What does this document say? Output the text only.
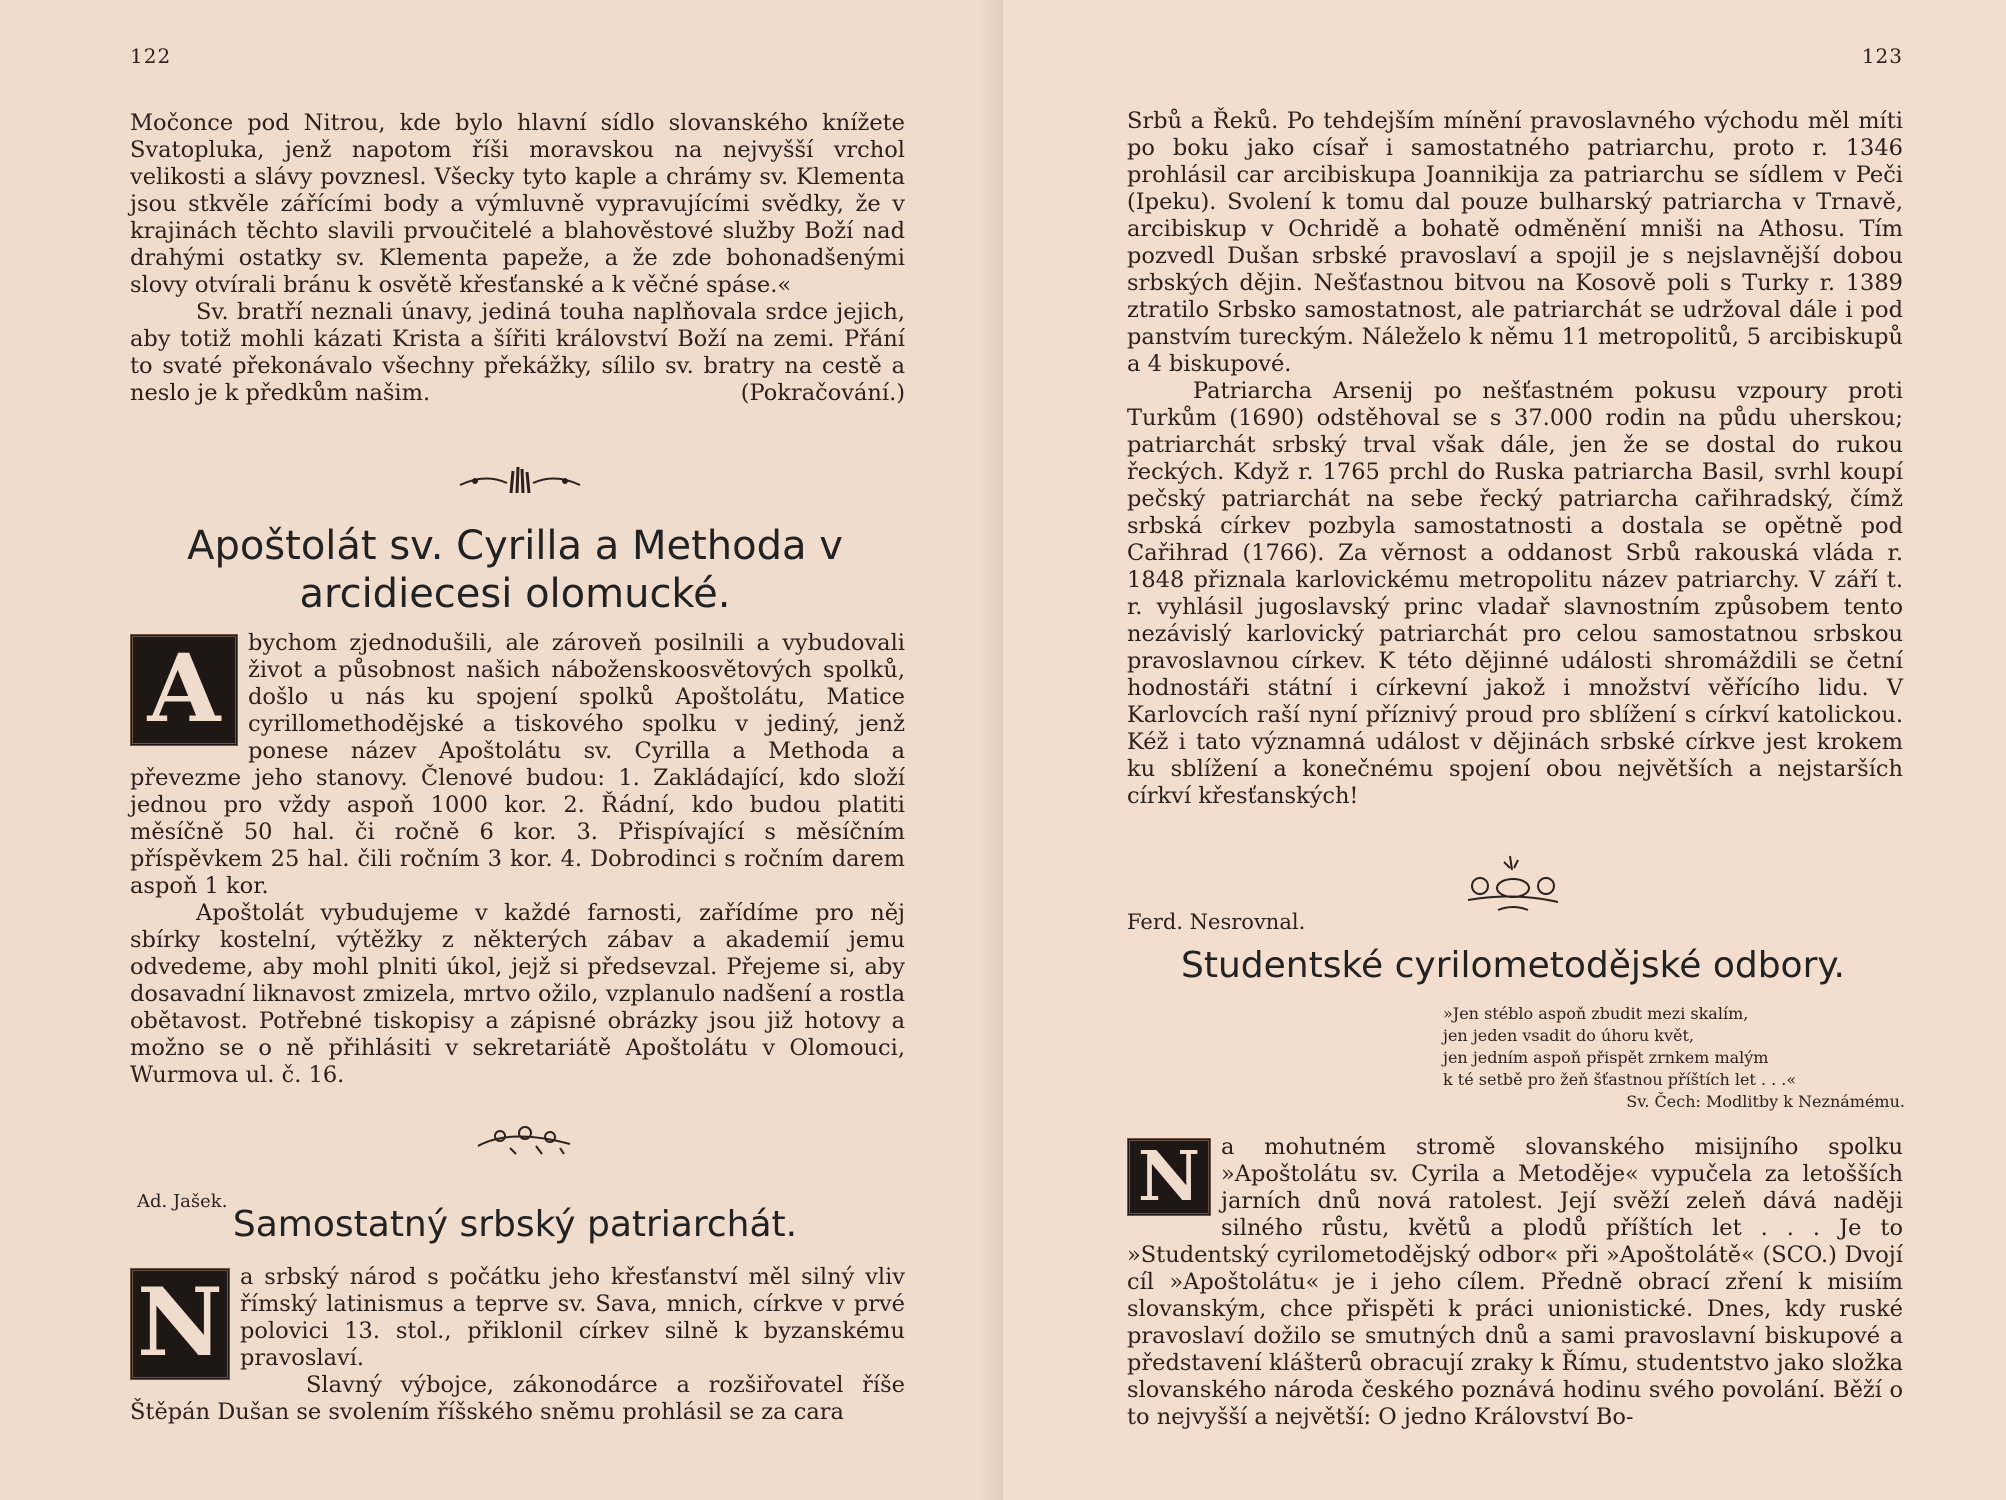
122

Močonce pod Nitrou, kde bylo hlavní sídlo slovanského knížete Svatopluka, jenž napotom říši moravskou na nejvyšší vrchol velikosti a slávy povznesl. Všecky tyto kaple a chrámy sv. Klementa jsou stkvěle zářícími body a výmluvně vypravujícími svědky, že v krajinách těchto slavili prvoučitelé a blahověstové služby Boží nad drahými ostatky sv. Klementa papeže, a že zde bohonadšenými slovy otvírali bránu k osvětě křesťanské a k věčné spáse.«

Sv. bratří neznali únavy, jediná touha naplňovala srdce jejich, aby totiž mohli kázati Krista a šířiti království Boží na zemi. Přání to svaté překonávalo všechny překážky, sílilo sv. bratry na cestě a neslo je k předkům našim.	(Pokračování.)

Apoštolát sv. Cyrilla a Methoda v arcidiecesi olomucké.
A	bychom zjednodušili, ale zároveň posilnili a vybudovali život a působnost našich náboženskoosvětových spolků, došlo u nás ku spojení spolků Apoštolátu, Matice cyrillomethodějské a tiskového spolku v jediný, jenž ponese název Apoštolátu sv. Cyrilla a Methoda a převezme jeho stanovy. Členové budou: 1. Zakládající, kdo složí jednou pro vždy aspoň 1000 kor. 2. Řádní, kdo budou platiti měsíčně 50 hal. či ročně 6 kor. 3. Přispívající s měsíčním příspěvkem 25 hal. čili ročním 3 kor. 4. Dobrodinci s ročním darem aspoň 1 kor.

Apoštolát vybudujeme v každé farnosti, zařídíme pro něj sbírky kostelní, výtěžky z některých zábav a akademií jemu odvedeme, aby mohl plniti úkol, jejž si předsevzal. Přejeme si, aby dosavadní liknavost zmizela, mrtvo ožilo, vzplanulo nadšení a rostla obětavost. Potřebné tiskopisy a zápisné obrázky jsou již hotovy a možno se o ně přihlásiti v sekretariátě Apoštolátu v Olomouci, Wurmova ul. č. 16.

Ad. Jašek.
Samostatný srbský patriarchát.
N a srbský národ s počátku jeho křesťanství měl silný vliv římský latinismus a teprve sv. Sava, mnich, církve v prvé polovici 13. stol., přiklonil církev silně k byzanskému pravoslaví.

Slavný výbojce, zákonodárce a rozšiřovatel říše Štěpán Dušan se svolením říšského sněmu prohlásil se za cara

123

Srbů a Řeků. Po tehdejším mínění pravoslavného východu měl míti po boku jako císař i samostatného patriarchu, proto r. 1346 prohlásil car arcibiskupa Joannikija za patriarchu se sídlem v Peči (Ipeku). Svolení k tomu dal pouze bulharský patriarcha v Trnavě, arcibiskup v Ochridě a bohatě odměnění mniši na Athosu. Tím pozvedl Dušan srbské pravoslaví a spojil je s nejslavnější dobou srbských dějin. Nešťastnou bitvou na Kosově poli s Turky r. 1389 ztratilo Srbsko samostatnost, ale patriarchát se udržoval dále i pod panstvím tureckým. Náleželo k němu 11 metropolitů, 5 arcibiskupů a 4 biskupové.

Patriarcha Arsenij po nešťastném pokusu vzpoury proti Turkům (1690) odstěhoval se s 37.000 rodin na půdu uherskou; patriarchát srbský trval však dále, jen že se dostal do rukou řeckých. Když r. 1765 prchl do Ruska patriarcha Basil, svrhl koupí pečský patriarchát na sebe řecký patriarcha cařihradský, čímž srbská církev pozbyla samostatnosti a dostala se opětně pod Cařihrad (1766). Za věrnost a oddanost Srbů rakouská vláda r. 1848 přiznala karlovickému metropolitu název patriarchy. V září t. r. vyhlásil jugoslavský princ vladař slavnostním způsobem tento nezávislý karlovický patriarchát pro celou samostatnou srbskou pravoslavnou církev. K této dějinné události shromáždili se četní hodnostáři státní i církevní jakož i množství věřícího lidu. V Karlovcích raší nyní příznivý proud pro sblížení s církví katolickou. Kéž i tato významná událost v dějinách srbské církve jest krokem ku sblížení a konečnému spojení obou největších a nejstarších církví křesťanských!

Ferd. Nesrovnal.
Studentské cyrilometodějské odbory.
»Jen stéblo aspoň zbudit mezi skalím,
jen jeden vsadit do úhoru květ,
jen jedním aspoň přispět zrnkem malým
k té setbě pro žeň šťastnou příštích let . . .«
Sv. Čech: Modlitby k Neznámému.
N a mohutném stromě slovanského misijního spolku »Apoštolátu sv. Cyrila a Metoděje« vypučela za letošších jarních dnů nová ratolest. Její svěží zeleň dává naději silného růstu, květů a plodů příštích let . . . Je to »Studentský cyrilometodějský odbor« při »Apoštolátě« (SCO.) Dvojí cíl »Apoštolátu« je i jeho cílem. Předně obrací zření k misiím slovanským, chce přispěti k práci unionistické. Dnes, kdy ruské pravoslaví dožilo se smutných dnů a sami pravoslavní biskupové a představení klášterů obracují zraky k Římu, studentstvo jako složka slovanského národa českého poznává hodinu svého povolání. Běží o to nejvyšší a největší: O jedno Království Bo-
